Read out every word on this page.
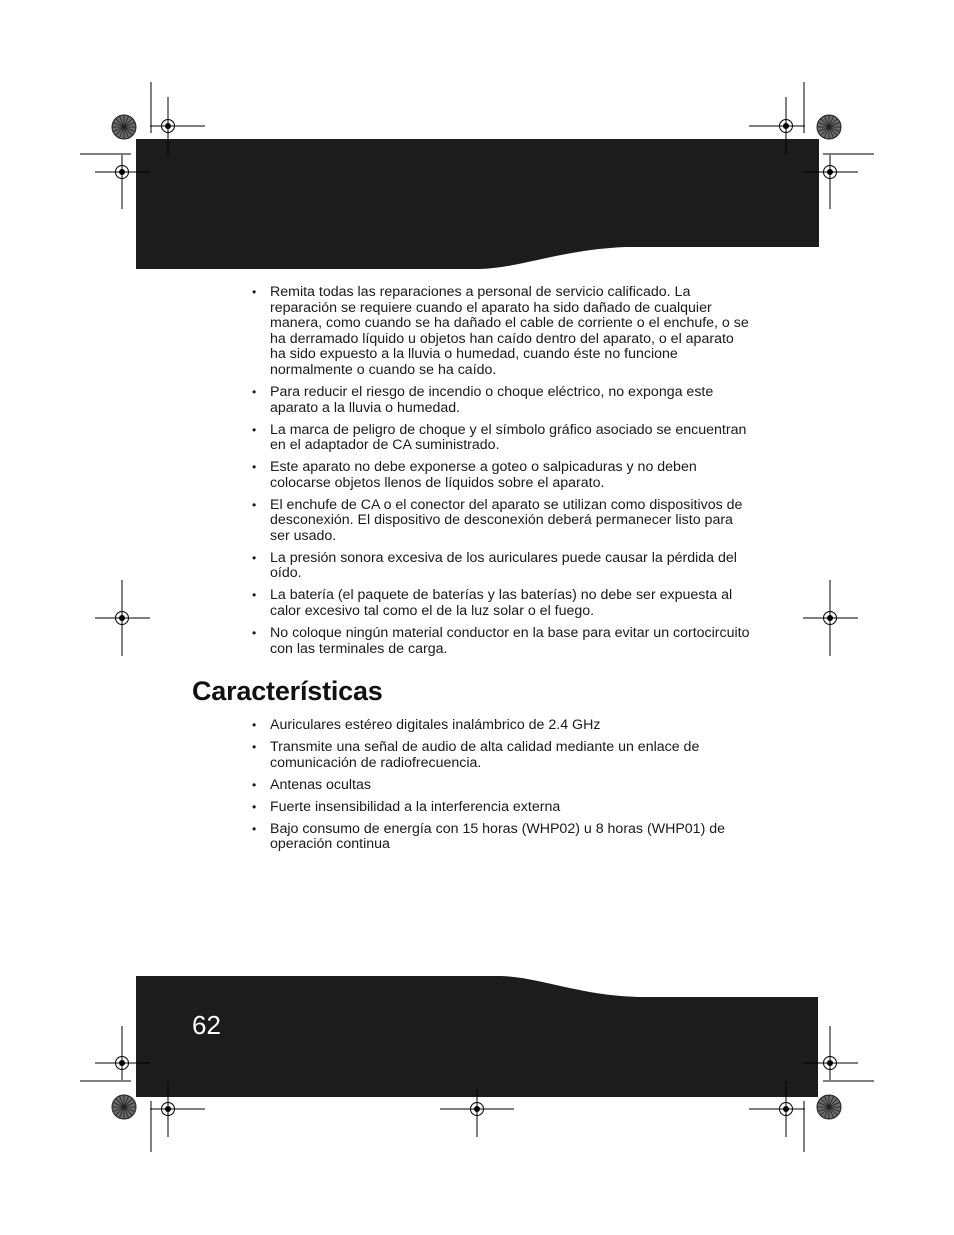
• Remita todas las reparaciones a personal de servicio calificado. La reparación se requiere cuando el aparato ha sido dañado de cualquier manera, como cuando se ha dañado el cable de corriente o el enchufe, o se ha derramado líquido u objetos han caído dentro del aparato, o el aparato ha sido expuesto a la lluvia o humedad, cuando éste no funcione normalmente o cuando se ha caído.
• Para reducir el riesgo de incendio o choque eléctrico, no exponga este aparato a la lluvia o humedad.
• La marca de peligro de choque y el símbolo gráfico asociado se encuentran en el adaptador de CA suministrado.
• Este aparato no debe exponerse a goteo o salpicaduras y no deben colocarse objetos llenos de líquidos sobre el aparato.
• El enchufe de CA o el conector del aparato se utilizan como dispositivos de desconexión. El dispositivo de desconexión deberá permanecer listo para ser usado.
• La presión sonora excesiva de los auriculares puede causar la pérdida del oído.
• La batería (el paquete de baterías y las baterías) no debe ser expuesta al calor excesivo tal como el de la luz solar o el fuego.
• No coloque ningún material conductor en la base para evitar un cortocircuito con las terminales de carga.
Características
• Auriculares estéreo digitales inalámbrico de 2.4 GHz
• Transmite una señal de audio de alta calidad mediante un enlace de comunicación de radiofrecuencia.
• Antenas ocultas
• Fuerte insensibilidad a la interferencia externa
• Bajo consumo de energía con 15 horas (WHP02) u 8 horas (WHP01) de operación continua
62
